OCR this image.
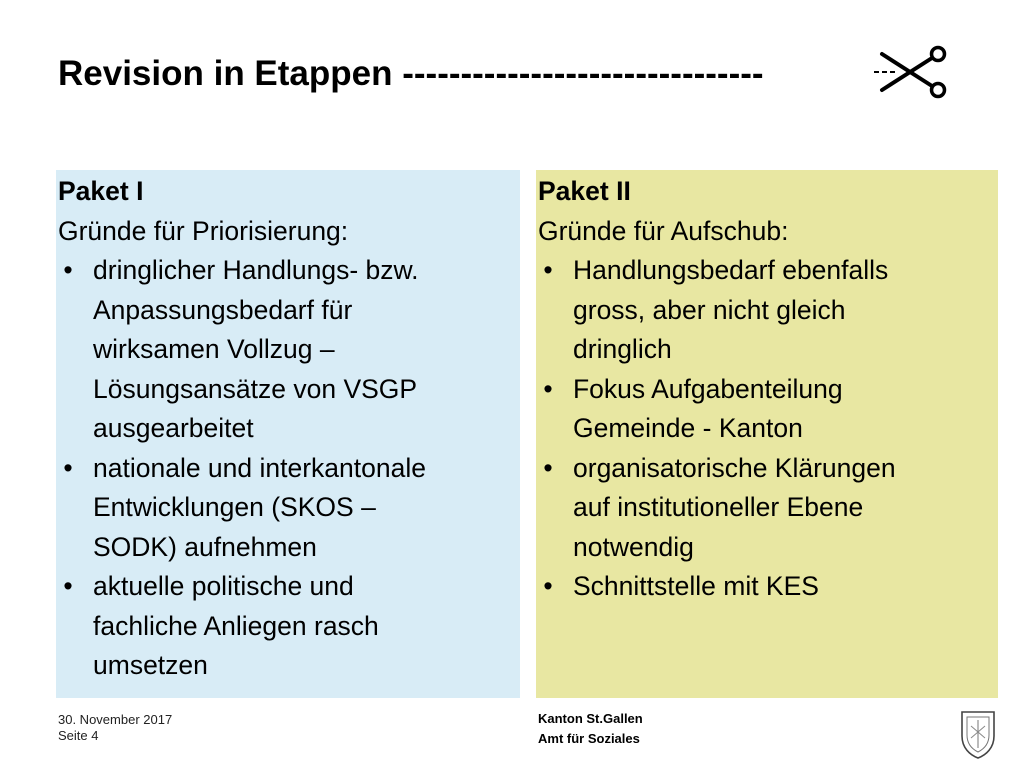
Revision in Etappen -------------------------------
Paket I
Gründe für Priorisierung:
• dringlicher Handlungs- bzw.
Anpassungsbedarf für
wirksamen Vollzug –
Lösungsansätze von VSGP
ausgearbeitet
• nationale und interkantonale
Entwicklungen (SKOS –
SODK) aufnehmen
• aktuelle politische und
fachliche Anliegen rasch
umsetzen
Paket II
Gründe für Aufschub:
• Handlungsbedarf ebenfalls
gross, aber nicht gleich
dringlich
• Fokus Aufgabenteilung
Gemeinde - Kanton
• organisatorische Klärungen
auf institutioneller Ebene
notwendig
• Schnittstelle mit KES
30. November 2017
Seite 4
Kanton St.Gallen
Amt für Soziales
